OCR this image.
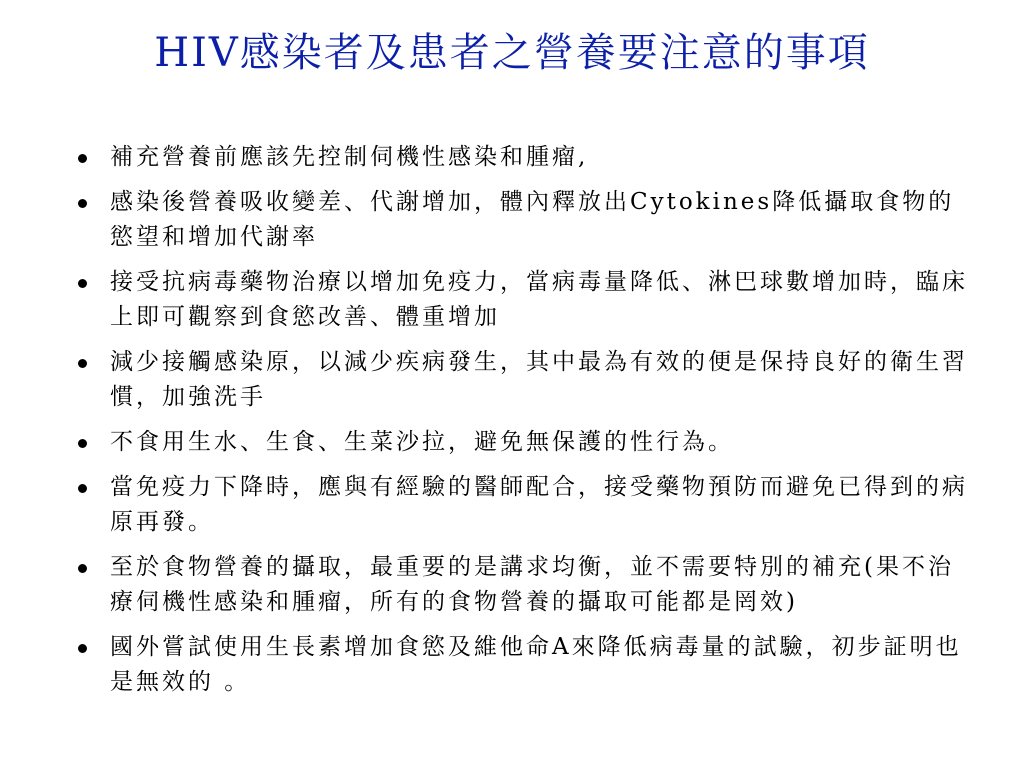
HIV感染者及患者之營養要注意的事項
補充營養前應該先控制伺機性感染和腫瘤,
感染後營養吸收變差、代謝增加，體內釋放出Cytokines降低攝取食物的慾望和增加代謝率
接受抗病毒藥物治療以增加免疫力，當病毒量降低、淋巴球數增加時，臨床上即可觀察到食慾改善、體重增加
減少接觸感染原，以減少疾病發生，其中最為有效的便是保持良好的衛生習慣，加強洗手
不食用生水、生食、生菜沙拉，避免無保護的性行為。
當免疫力下降時，應與有經驗的醫師配合，接受藥物預防而避免已得到的病原再發。
至於食物營養的攝取，最重要的是講求均衡，並不需要特別的補充(果不治療伺機性感染和腫瘤，所有的食物營養的攝取可能都是罔效)
國外嘗試使用生長素增加食慾及維他命A來降低病毒量的試驗，初步証明也是無效的 。
